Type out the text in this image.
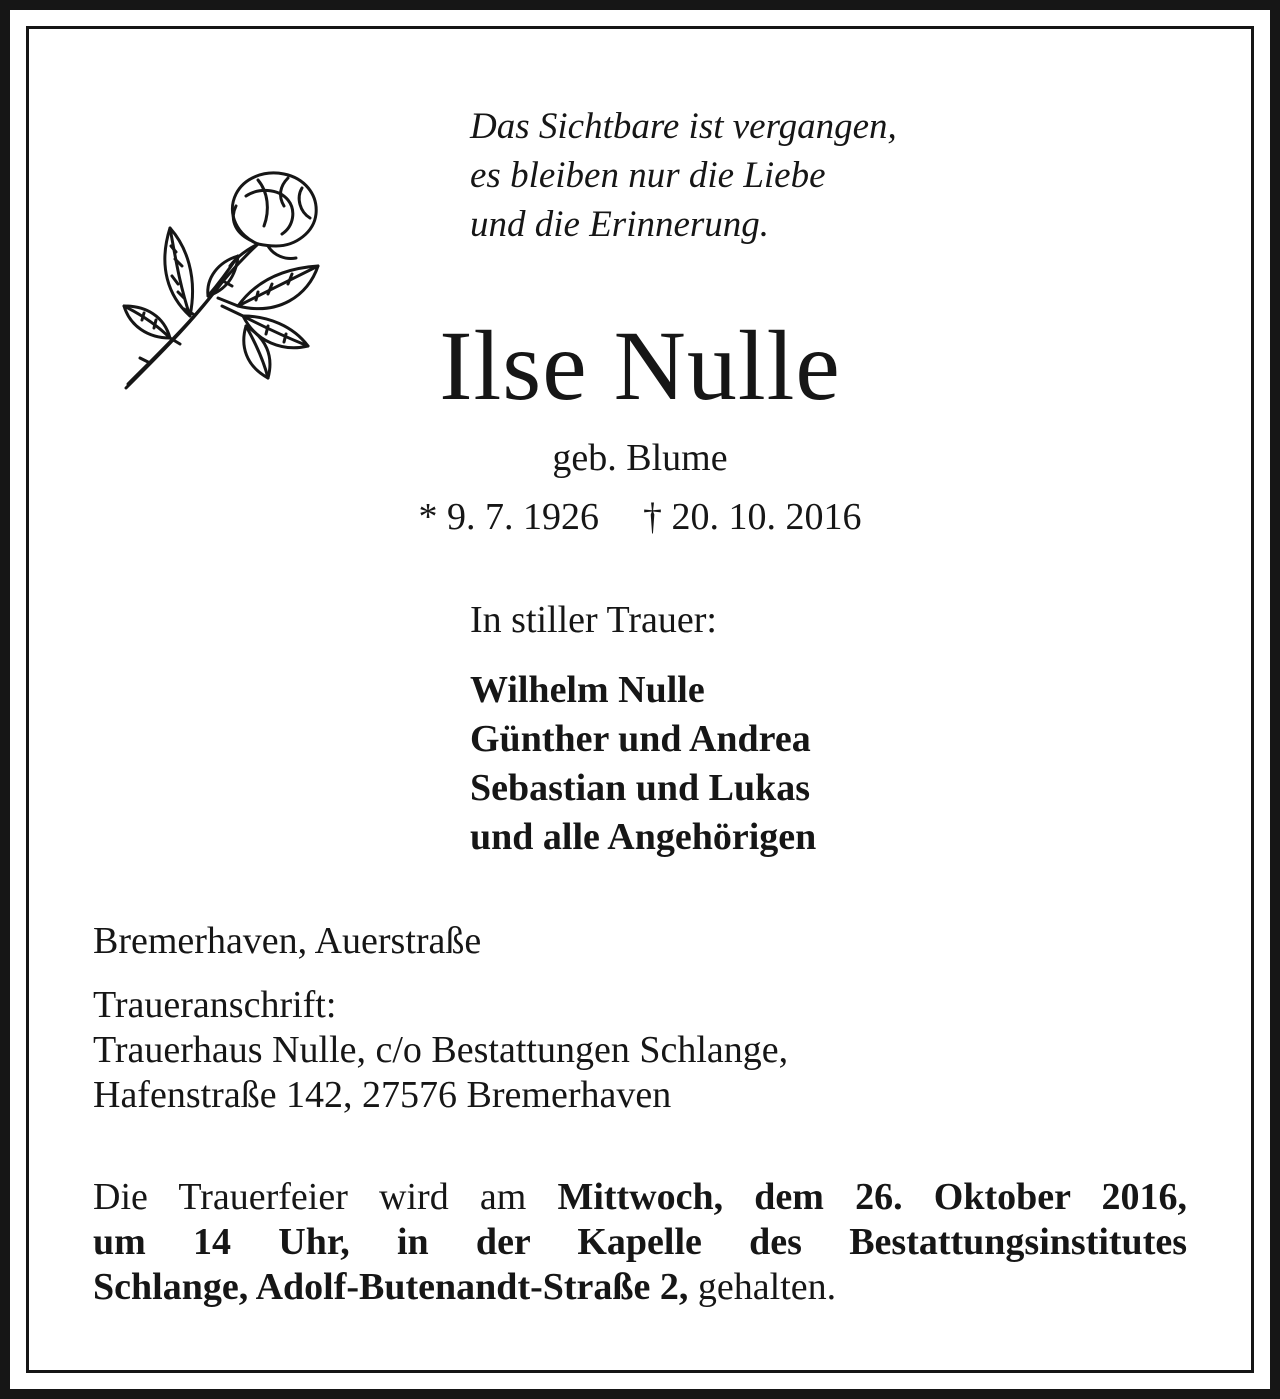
Das Sichtbare ist vergangen,
es bleiben nur die Liebe
und die Erinnerung.
Ilse Nulle
geb. Blume
* 9. 7. 1926 † 20. 10. 2016
In stiller Trauer:
Wilhelm Nulle
Günther und Andrea
Sebastian und Lukas
und alle Angehörigen
Bremerhaven, Auerstraße
Traueranschrift:
Trauerhaus Nulle, c/o Bestattungen Schlange,
Hafenstraße 142, 27576 Bremerhaven
Die Trauerfeier wird am Mittwoch, dem 26. Oktober 2016,
um 14 Uhr, in der Kapelle des Bestattungsinstitutes
Schlange, Adolf-Butenandt-Straße 2, gehalten.
